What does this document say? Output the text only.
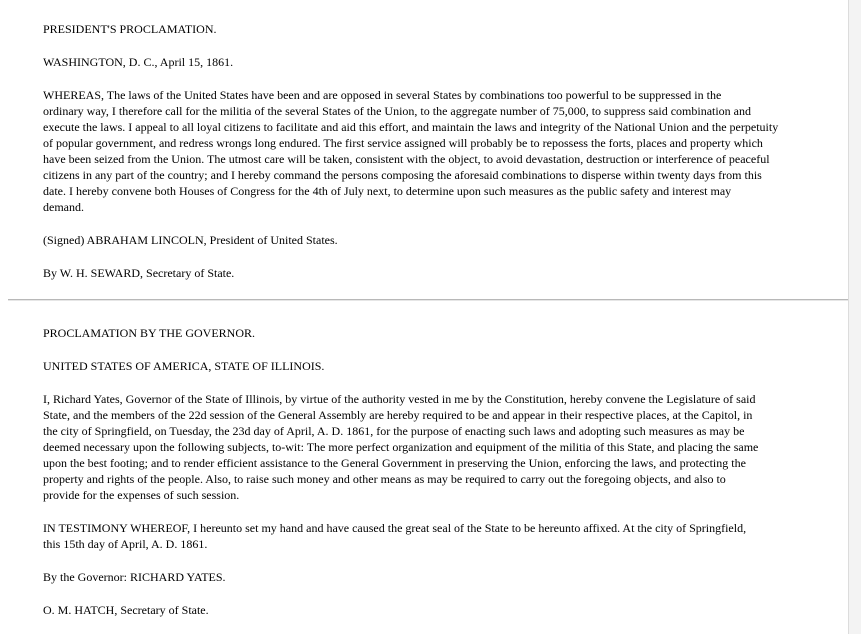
PRESIDENT'S PROCLAMATION.

WASHINGTON, D. C., April 15, 1861.

WHEREAS, The laws of the United States have been and are opposed in several States by combinations too powerful to be suppressed in the
ordinary way, I therefore call for the militia of the several States of the Union, to the aggregate number of 75,000, to suppress said combination and
execute the laws. I appeal to all loyal citizens to facilitate and aid this effort, and maintain the laws and integrity of the National Union and the perpetuity
of popular government, and redress wrongs long endured. The first service assigned will probably be to repossess the forts, places and property which
have been seized from the Union. The utmost care will be taken, consistent with the object, to avoid devastation, destruction or interference of peaceful
citizens in any part of the country; and I hereby command the persons composing the aforesaid combinations to disperse within twenty days from this
date. I hereby convene both Houses of Congress for the 4th of July next, to determine upon such measures as the public safety and interest may
demand.

(Signed) ABRAHAM LINCOLN, President of United States.

By W. H. SEWARD, Secretary of State.

PROCLAMATION BY THE GOVERNOR.

UNITED STATES OF AMERICA, STATE OF ILLINOIS.

I, Richard Yates, Governor of the State of Illinois, by virtue of the authority vested in me by the Constitution, hereby convene the Legislature of said
State, and the members of the 22d session of the General Assembly are hereby required to be and appear in their respective places, at the Capitol, in
the city of Springfield, on Tuesday, the 23d day of April, A. D. 1861, for the purpose of enacting such laws and adopting such measures as may be
deemed necessary upon the following subjects, to-wit: The more perfect organization and equipment of the militia of this State, and placing the same
upon the best footing; and to render efficient assistance to the General Government in preserving the Union, enforcing the laws, and protecting the
property and rights of the people. Also, to raise such money and other means as may be required to carry out the foregoing objects, and also to
provide for the expenses of such session.
IN TESTIMONY WHEREOF, I hereunto set my hand and have caused the great seal of the State to be hereunto affixed. At the city of Springfield,
this 15th day of April, A. D. 1861.

By the Governor: RICHARD YATES.

O. M. HATCH, Secretary of State.
